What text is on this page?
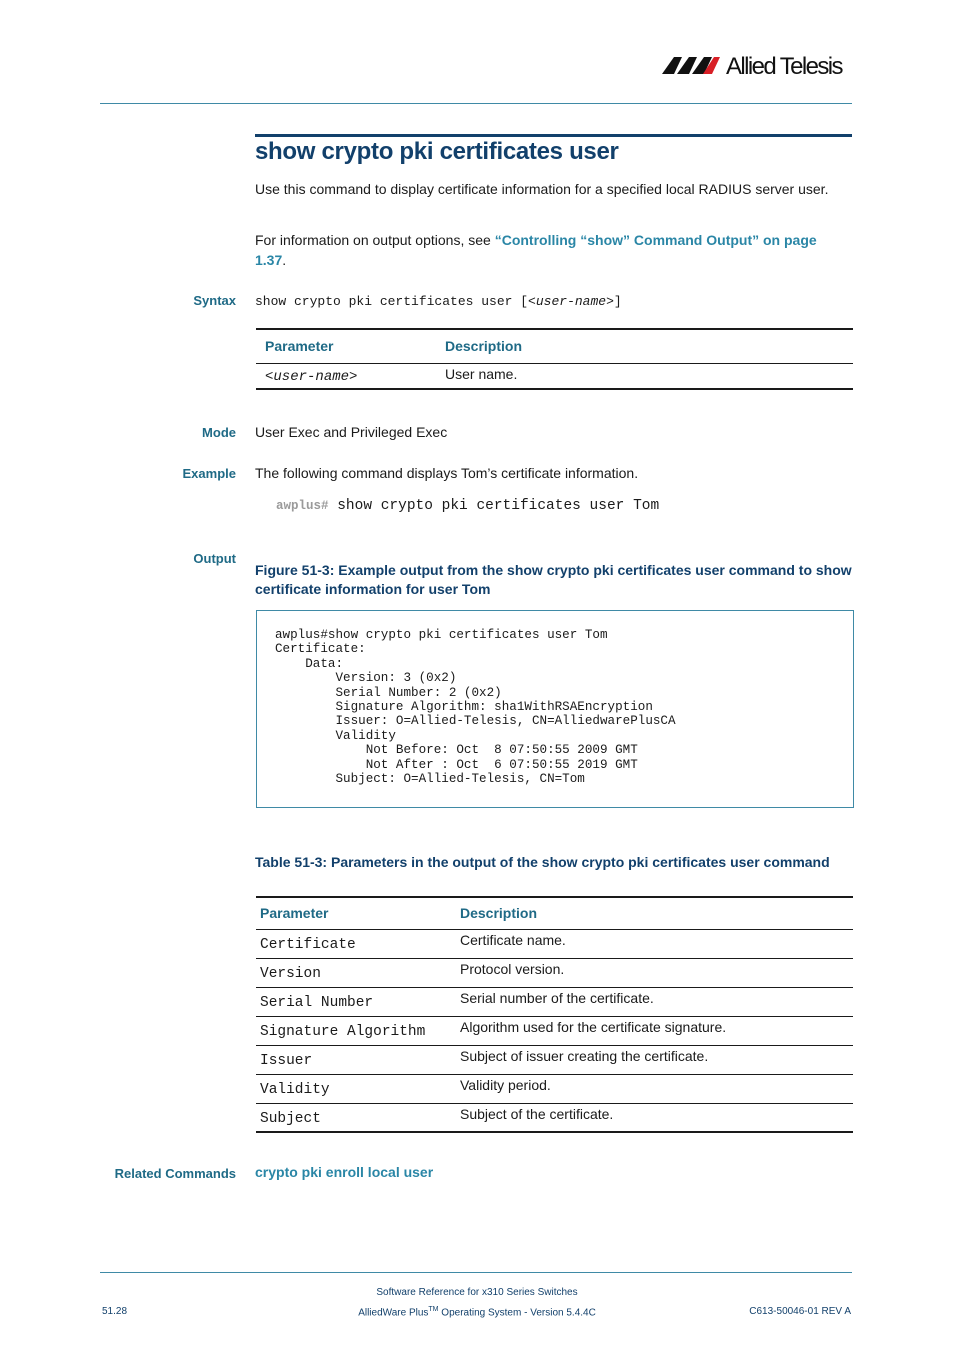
Allied Telesis
show crypto pki certificates user
Use this command to display certificate information for a specified local RADIUS server user.
For information on output options, see “Controlling “show” Command Output” on page 1.37.
Syntax show crypto pki certificates user [<user-name>]
Parameter	Description
<user-name>	User name.
Mode User Exec and Privileged Exec
Example The following command displays Tom’s certificate information.
awplus# show crypto pki certificates user Tom
Output
Figure 51-3: Example output from the show crypto pki certificates user command to show certificate information for user Tom
awplus#show crypto pki certificates user Tom
Certificate:
Data:
Version: 3 (0x2)
Serial Number: 2 (0x2)
Signature Algorithm: sha1WithRSAEncryption
Issuer: O=Allied-Telesis, CN=AlliedwarePlusCA
Validity
Not Before: Oct  8 07:50:55 2009 GMT
Not After : Oct  6 07:50:55 2019 GMT
Subject: O=Allied-Telesis, CN=Tom
Table 51-3: Parameters in the output of the show crypto pki certificates user command
Parameter	Description
Certificate	Certificate name.
Version	Protocol version.
Serial Number	Serial number of the certificate.
Signature Algorithm	Algorithm used for the certificate signature.
Issuer	Subject of issuer creating the certificate.
Validity	Validity period.
Subject	Subject of the certificate.
Related Commands crypto pki enroll local user
Software Reference for x310 Series Switches
AlliedWare Plus™ Operating System - Version 5.4.4C
51.28	C613-50046-01 REV A
